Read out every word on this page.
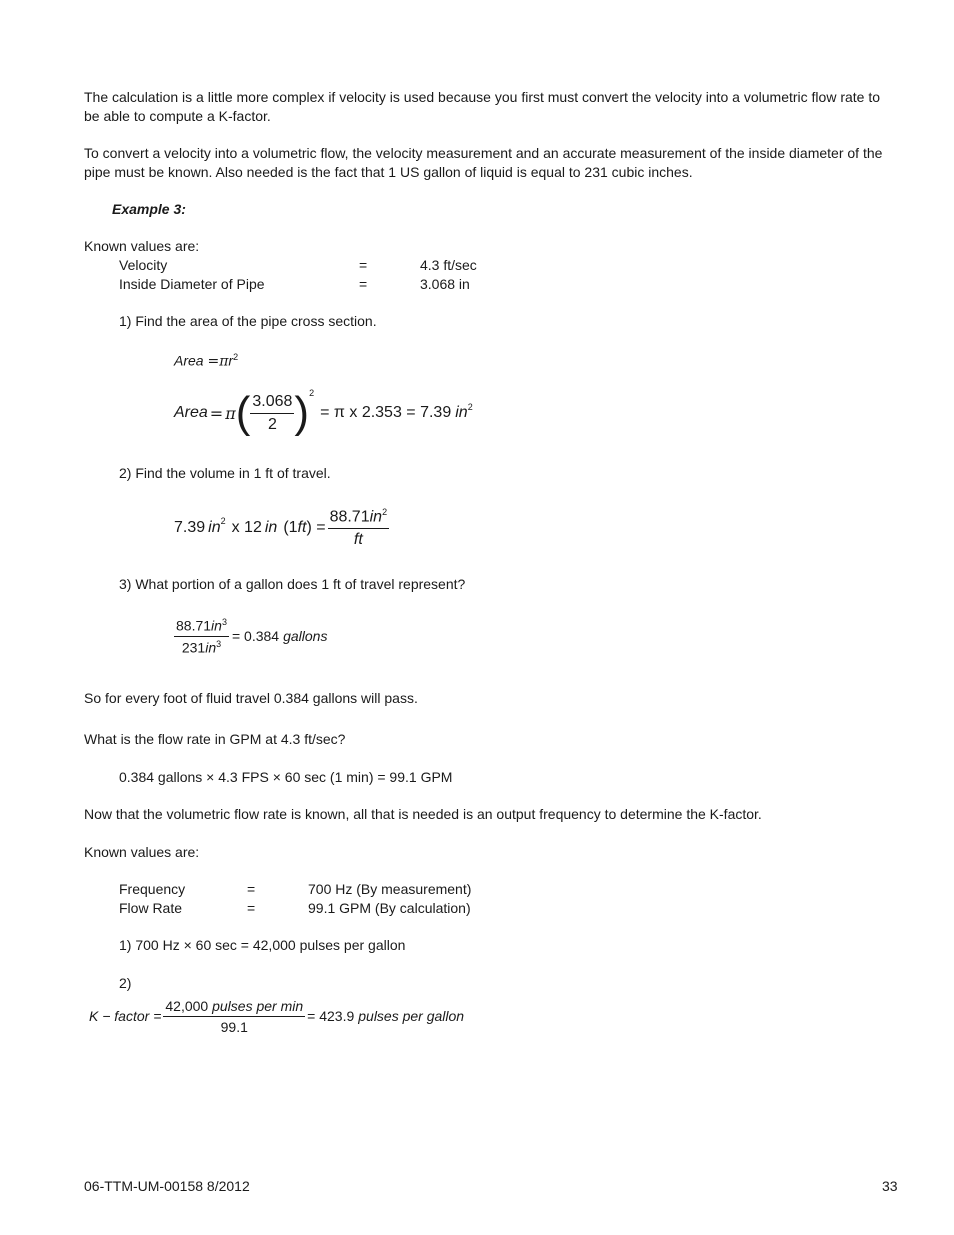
The calculation is a little more complex if velocity is used because you first must convert the velocity into a volumetric flow rate to be able to compute a K-factor.
To convert a velocity into a volumetric flow, the velocity measurement and an accurate measurement of the inside diameter of the pipe must be known. Also needed is the fact that 1 US gallon of liquid is equal to 231 cubic inches.
Example 3:
Known values are:
Velocity	=	4.3 ft/sec
Inside Diameter of Pipe	=	3.068 in
1) Find the area of the pipe cross section.
Area $=\pi r^2$
Area = π ( $\frac{3.068}{2} )^2$
= π x 2.353 = 7.39 $in^2$
2) Find the volume in 1 ft of travel.
7.39 $in^2$ x 12 in (1 ft ) = $\frac{88.71in^2}{ft}$
3) What portion of a gallon does 1 ft of travel represent?
$\frac{88.71in^3}{231in^3} = 0.384$ gallons
So for every foot of fluid travel 0.384 gallons will pass.
What is the flow rate in GPM at 4.3 ft/sec?
0.384 gallons × 4.3 FPS × 60 sec (1 min) = 99.1 GPM
Now that the volumetric flow rate is known, all that is needed is an output frequency to determine the K-factor.
Known values are:
Frequency	=	700 Hz (By measurement)
Flow Rate	=	99.1 GPM (By calculation)
1) 700 Hz × 60 sec = 42,000 pulses per gallon
2)
K − factor = $\frac{\text{42,000 pulses per min}}{99.1} = 423.9$ pulses per gallon
06-TTM-UM-00158 8/2012	33
